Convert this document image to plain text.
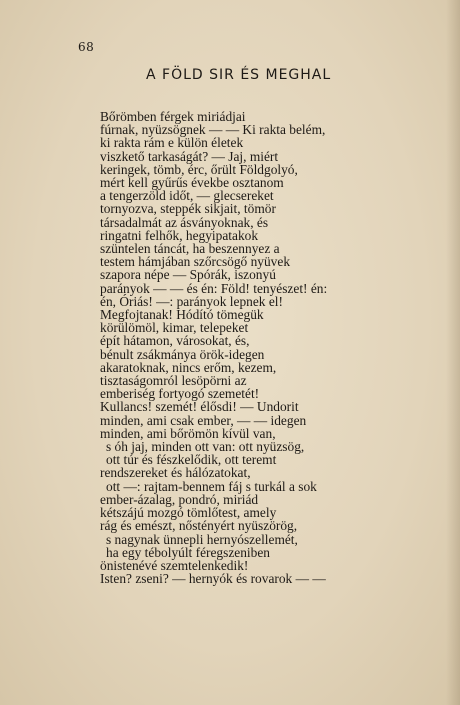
68
A FÖLD SIR ÉS MEGHAL
Bőrömben férgek miriádjai
fúrnak, nyüzsögnek — — Ki rakta belém,
ki rakta rám e külön életek
viszkető tarkaságát? — Jaj, miért
keringek, tömb, érc, őrült Földgolyó,
mért kell gyűrűs évekbe osztanom
a tengerzöld időt, — glecsereket
tornyozva, steppék sikjait, tömör
társadalmát az ásványoknak, és
ringatni felhők, hegyipatakok
szüntelen táncát, ha beszennyez a
testem hámjában szőrcsögő nyüvek
szapora népe — Spórák, iszonyú
parányok — — és én: Föld! tenyészet! én:
én, Óriás! —: parányok lepnek el!
Megfojtanak! Hódító tömegük
körülömöl, kimar, telepeket
épít hátamon, városokat, és,
bénult zsákmánya örök-idegen
akaratoknak, nincs erőm, kezem,
tisztaságomról lesöpörni az
emberiség fortyogó szemetét!
Kullancs! szemét! élősdi! — Undorit
minden, ami csak ember, — — idegen
minden, ami bőrömön kívül van,
s óh jaj, minden ott van: ott nyüzsög,
ott túr és fészkelődik, ott teremt
rendszereket és hálózatokat,
ott —: rajtam-bennem fáj s turkál a sok
ember-ázalag, pondró, miriád
kétszájú mozgó tömlőtest, amely
rág és emészt, nőstényért nyüszörög,
s nagynak ünnepli hernyószellemét,
ha egy tébolyúlt féregszeniben
önistenévé szemtelenkedik!
Isten? zseni? — hernyók és rovarok — —
